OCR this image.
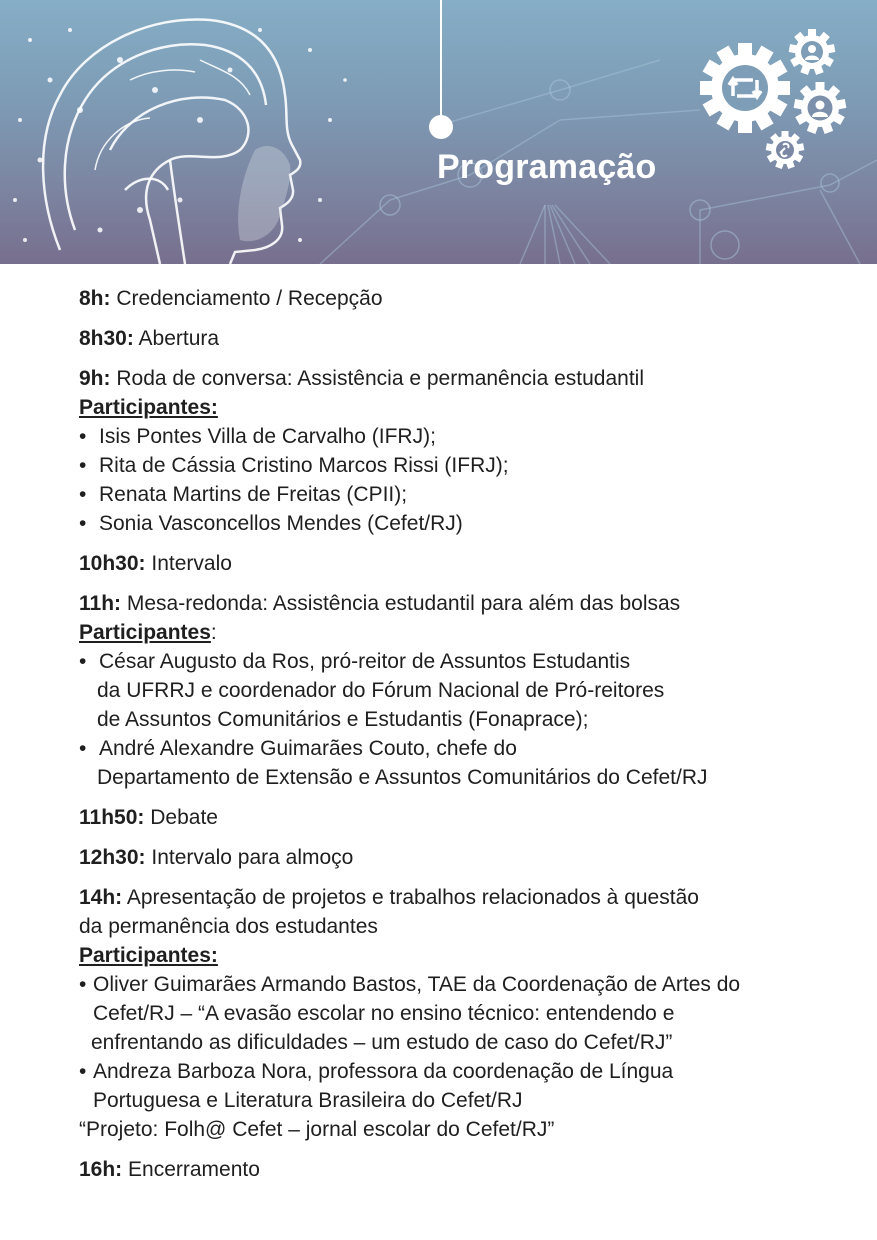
Programação
8h: Credenciamento / Recepção
8h30: Abertura
9h: Roda de conversa: Assistência e permanência estudantil
Participantes:
• Isis Pontes Villa de Carvalho (IFRJ);
• Rita de Cássia Cristino Marcos Rissi (IFRJ);
• Renata Martins de Freitas (CPII);
• Sonia Vasconcellos Mendes (Cefet/RJ)
10h30: Intervalo
11h: Mesa-redonda: Assistência estudantil para além das bolsas
Participantes:
• César Augusto da Ros, pró-reitor de Assuntos Estudantis
da UFRRJ e coordenador do Fórum Nacional de Pró-reitores
de Assuntos Comunitários e Estudantis (Fonaprace);
• André Alexandre Guimarães Couto, chefe do
Departamento de Extensão e Assuntos Comunitários do Cefet/RJ
11h50: Debate
12h30: Intervalo para almoço
14h: Apresentação de projetos e trabalhos relacionados à questão
da permanência dos estudantes
Participantes:
• Oliver Guimarães Armando Bastos, TAE da Coordenação de Artes do
Cefet/RJ – “A evasão escolar no ensino técnico: entendendo e
enfrentando as dificuldades – um estudo de caso do Cefet/RJ”
• Andreza Barboza Nora, professora da coordenação de Língua
Portuguesa e Literatura Brasileira do Cefet/RJ
“Projeto: Folh@ Cefet – jornal escolar do Cefet/RJ”
16h: Encerramento
